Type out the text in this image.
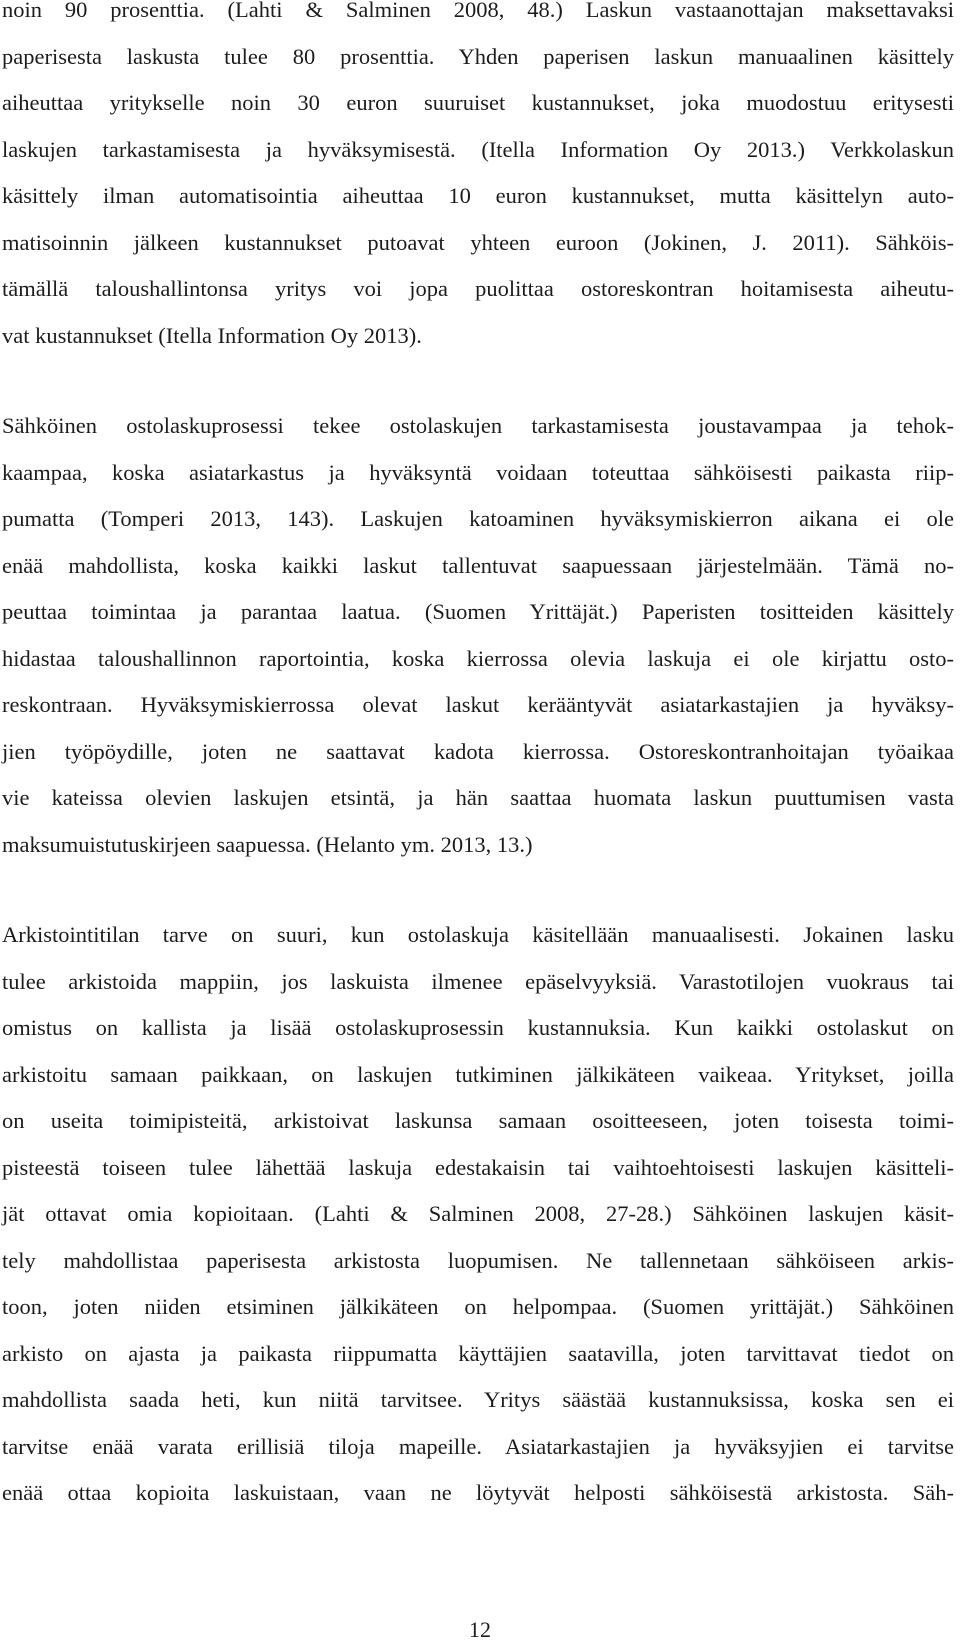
noin 90 prosenttia. (Lahti & Salminen 2008, 48.) Laskun vastaanottajan maksettavaksi
paperisesta laskusta tulee 80 prosenttia. Yhden paperisen laskun manuaalinen käsittely
aiheuttaa yritykselle noin 30 euron suuruiset kustannukset, joka muodostuu eritysesti
laskujen tarkastamisesta ja hyväksymisestä. (Itella Information Oy 2013.) Verkkolaskun
käsittely ilman automatisointia aiheuttaa 10 euron kustannukset, mutta käsittelyn auto-
matisoinnin jälkeen kustannukset putoavat yhteen euroon (Jokinen, J. 2011). Sähköis-
tämällä taloushallintonsa yritys voi jopa puolittaa ostoreskontran hoitamisesta aiheutu-
vat kustannukset (Itella Information Oy 2013).
Sähköinen ostolaskuprosessi tekee ostolaskujen tarkastamisesta joustavampaa ja tehok-
kaampaa, koska asiatarkastus ja hyväksyntä voidaan toteuttaa sähköisesti paikasta riip-
pumatta (Tomperi 2013, 143). Laskujen katoaminen hyväksymiskierron aikana ei ole
enää mahdollista, koska kaikki laskut tallentuvat saapuessaan järjestelmään. Tämä no-
peuttaa toimintaa ja parantaa laatua. (Suomen Yrittäjät.) Paperisten tositteiden käsittely
hidastaa taloushallinnon raportointia, koska kierrossa olevia laskuja ei ole kirjattu osto-
reskontraan. Hyväksymiskierrossa olevat laskut kerääntyvät asiatarkastajien ja hyväksy-
jien työpöydille, joten ne saattavat kadota kierrossa. Ostoreskontranhoitajan työaikaa
vie kateissa olevien laskujen etsintä, ja hän saattaa huomata laskun puuttumisen vasta
maksumuistutuskirjeen saapuessa. (Helanto ym. 2013, 13.)
Arkistointitilan tarve on suuri, kun ostolaskuja käsitellään manuaalisesti. Jokainen lasku
tulee arkistoida mappiin, jos laskuista ilmenee epäselvyyksiä. Varastotilojen vuokraus tai
omistus on kallista ja lisää ostolaskuprosessin kustannuksia. Kun kaikki ostolaskut on
arkistoitu samaan paikkaan, on laskujen tutkiminen jälkikäteen vaikeaa. Yritykset, joilla
on useita toimipisteitä, arkistoivat laskunsa samaan osoitteeseen, joten toisesta toimi-
pisteestä toiseen tulee lähettää laskuja edestakaisin tai vaihtoehtoisesti laskujen käsitteli-
jät ottavat omia kopioitaan. (Lahti & Salminen 2008, 27-28.) Sähköinen laskujen käsit-
tely mahdollistaa paperisesta arkistosta luopumisen. Ne tallennetaan sähköiseen arkis-
toon, joten niiden etsiminen jälkikäteen on helpompaa. (Suomen yrittäjät.) Sähköinen
arkisto on ajasta ja paikasta riippumatta käyttäjien saatavilla, joten tarvittavat tiedot on
mahdollista saada heti, kun niitä tarvitsee. Yritys säästää kustannuksissa, koska sen ei
tarvitse enää varata erillisiä tiloja mapeille. Asiatarkastajien ja hyväksyjien ei tarvitse
enää ottaa kopioita laskuistaan, vaan ne löytyvät helposti sähköisestä arkistosta. Säh-
12
